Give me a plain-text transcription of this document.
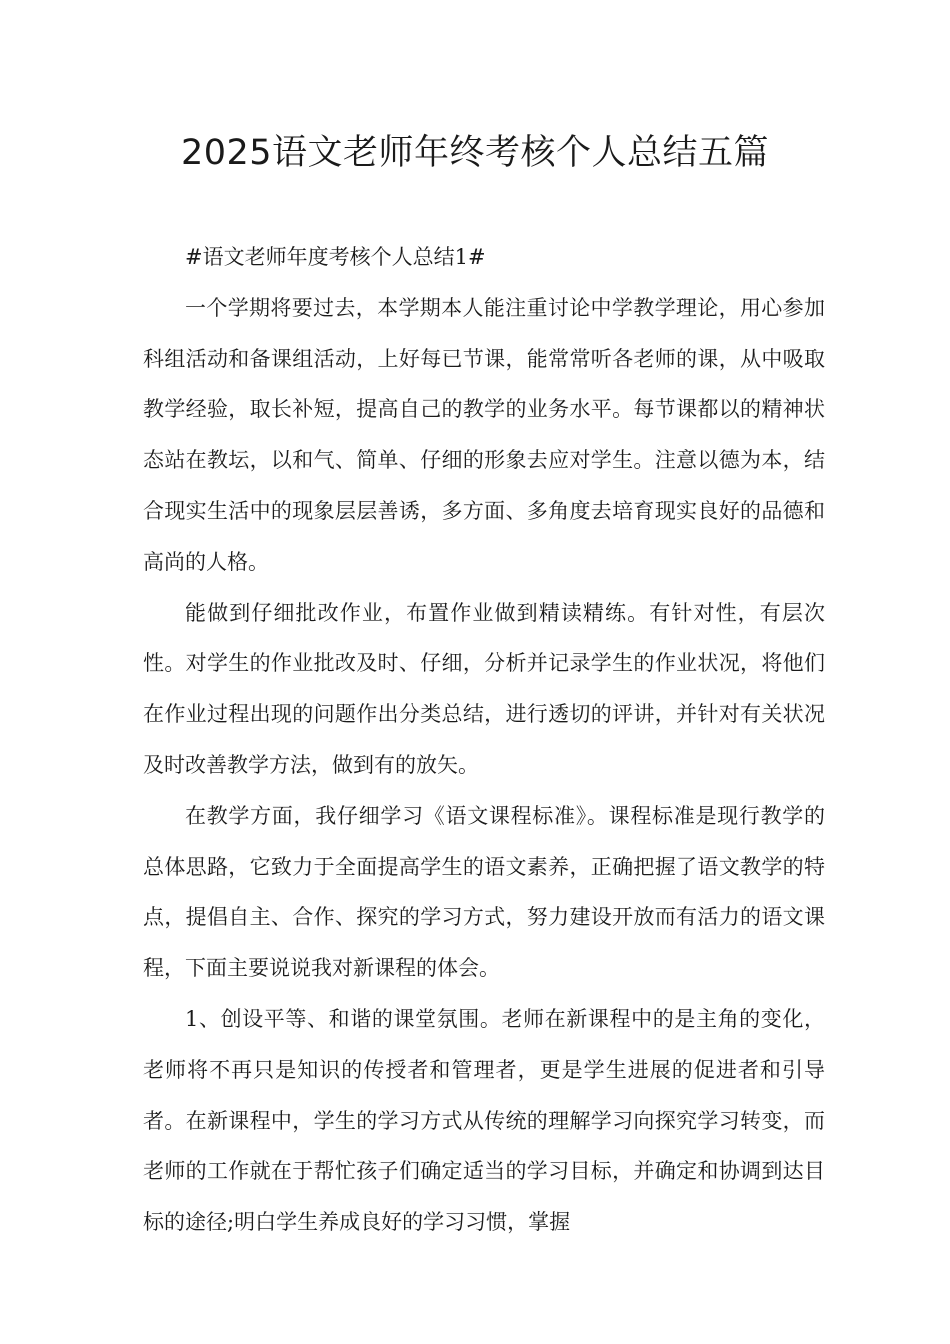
2025语文老师年终考核个人总结五篇

#语文老师年度考核个人总结1#

一个学期将要过去，本学期本人能注重讨论中学教学理论，用心参加科组活动和备课组活动，上好每已节课，能常常听各老师的课，从中吸取教学经验，取长补短，提高自己的教学的业务水平。每节课都以的精神状态站在教坛，以和气、简单、仔细的形象去应对学生。注意以德为本，结合现实生活中的现象层层善诱，多方面、多角度去培育现实良好的品德和高尚的人格。

能做到仔细批改作业，布置作业做到精读精练。有针对性，有层次性。对学生的作业批改及时、仔细，分析并记录学生的作业状况，将他们在作业过程出现的问题作出分类总结，进行透切的评讲，并针对有关状况及时改善教学方法，做到有的放矢。

在教学方面，我仔细学习《语文课程标准》。课程标准是现行教学的总体思路，它致力于全面提高学生的语文素养，正确把握了语文教学的特点，提倡自主、合作、探究的学习方式，努力建设开放而有活力的语文课程，下面主要说说我对新课程的体会。

1、创设平等、和谐的课堂氛围。老师在新课程中的是主角的变化，老师将不再只是知识的传授者和管理者，更是学生进展的促进者和引导者。在新课程中，学生的学习方式从传统的理解学习向探究学习转变，而老师的工作就在于帮忙孩子们确定适当的学习目标，并确定和协调到达目标的途径;明白学生养成良好的学习习惯，掌握
